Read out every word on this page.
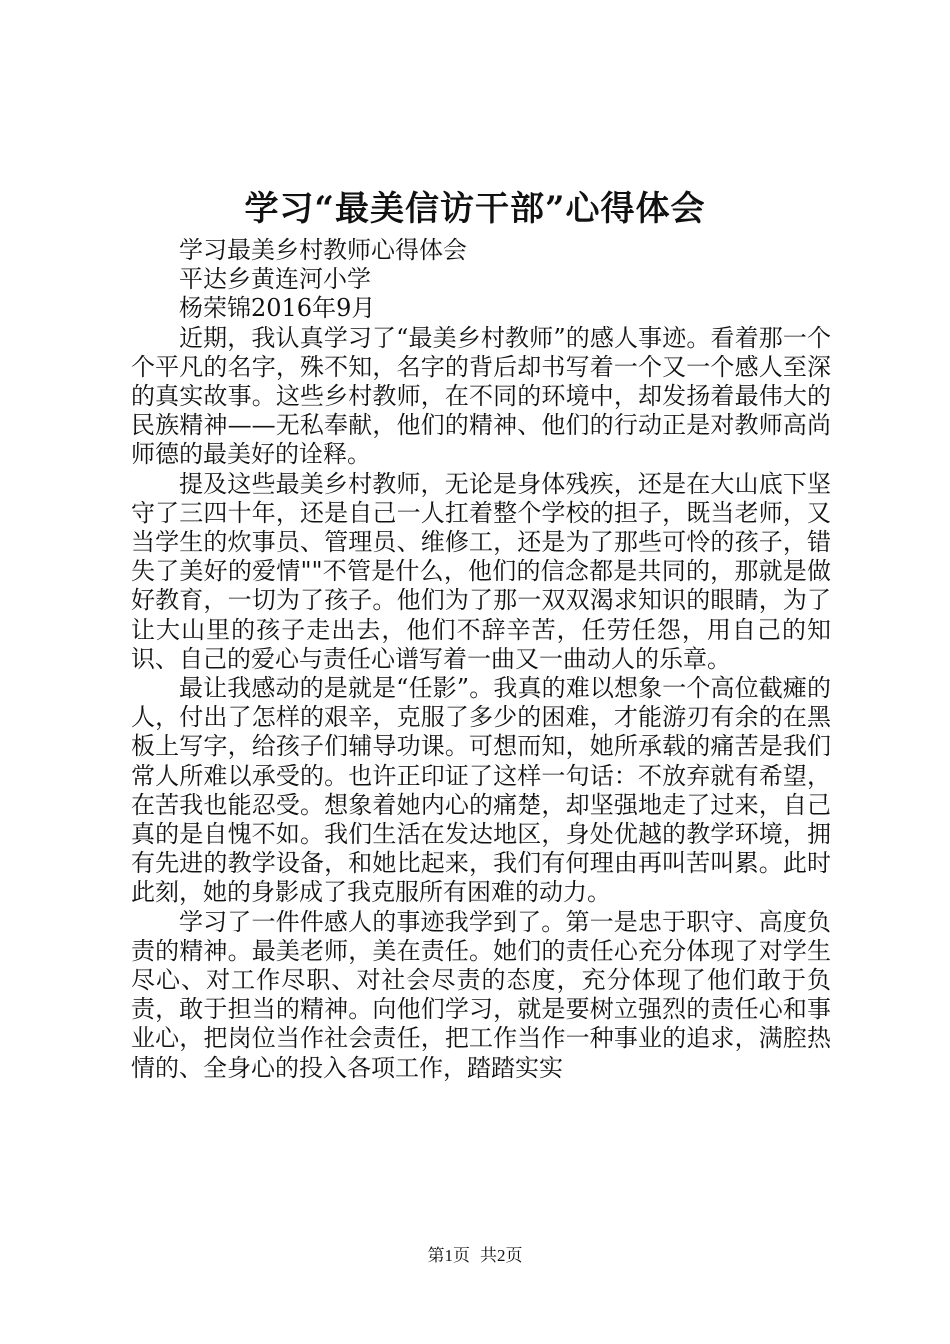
学习“最美信访干部”心得体会

学习最美乡村教师心得体会

平达乡黄连河小学

杨荣锦2016年9月

近期，我认真学习了“最美乡村教师”的感人事迹。看着那一个个平凡的名字，殊不知，名字的背后却书写着一个又一个感人至深的真实故事。这些乡村教师，在不同的环境中，却发扬着最伟大的民族精神——无私奉献，他们的精神、他们的行动正是对教师高尚师德的最美好的诠释。

提及这些最美乡村教师，无论是身体残疾，还是在大山底下坚守了三四十年，还是自己一人扛着整个学校的担子，既当老师，又当学生的炊事员、管理员、维修工，还是为了那些可怜的孩子，错失了美好的爱情""不管是什么，他们的信念都是共同的，那就是做好教育，一切为了孩子。他们为了那一双双渴求知识的眼睛，为了让大山里的孩子走出去，他们不辞辛苦，任劳任怨，用自己的知识、自己的爱心与责任心谱写着一曲又一曲动人的乐章。

最让我感动的是就是“任影”。我真的难以想象一个高位截瘫的人，付出了怎样的艰辛，克服了多少的困难，才能游刃有余的在黑板上写字，给孩子们辅导功课。可想而知，她所承载的痛苦是我们常人所难以承受的。也许正印证了这样一句话：不放弃就有希望，在苦我也能忍受。想象着她内心的痛楚，却坚强地走了过来，自己真的是自愧不如。我们生活在发达地区，身处优越的教学环境，拥有先进的教学设备，和她比起来，我们有何理由再叫苦叫累。此时此刻，她的身影成了我克服所有困难的动力。

学习了一件件感人的事迹我学到了。第一是忠于职守、高度负责的精神。最美老师，美在责任。她们的责任心充分体现了对学生尽心、对工作尽职、对社会尽责的态度，充分体现了他们敢于负责，敢于担当的精神。向他们学习，就是要树立强烈的责任心和事业心，把岗位当作社会责任，把工作当作一种事业的追求，满腔热情的、全身心的投入各项工作，踏踏实实

第1页 共2页
